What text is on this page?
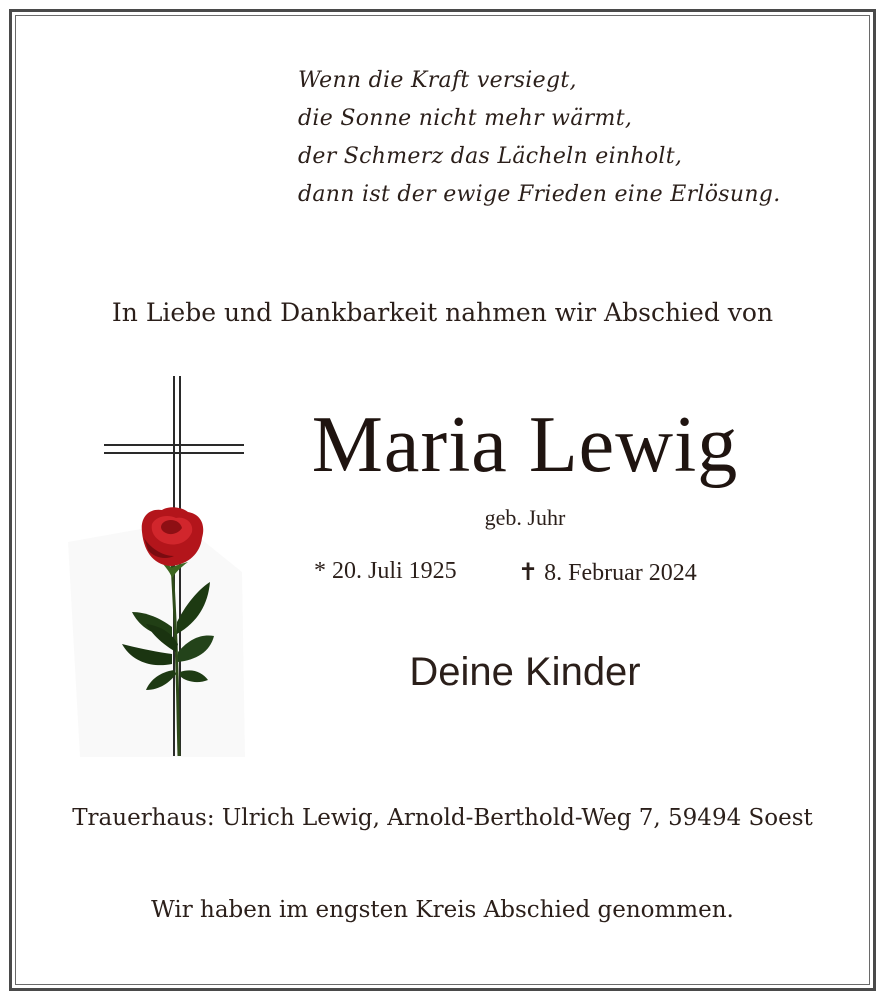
Wenn die Kraft versiegt,
die Sonne nicht mehr wärmt,
der Schmerz das Lächeln einholt,
dann ist der ewige Frieden eine Erlösung.
In Liebe und Dankbarkeit nahmen wir Abschied von
Maria Lewig
geb. Juhr
* 20. Juli 1925	✝ 8. Februar 2024
Deine Kinder
Trauerhaus: Ulrich Lewig, Arnold-Berthold-Weg 7, 59494 Soest
Wir haben im engsten Kreis Abschied genommen.
